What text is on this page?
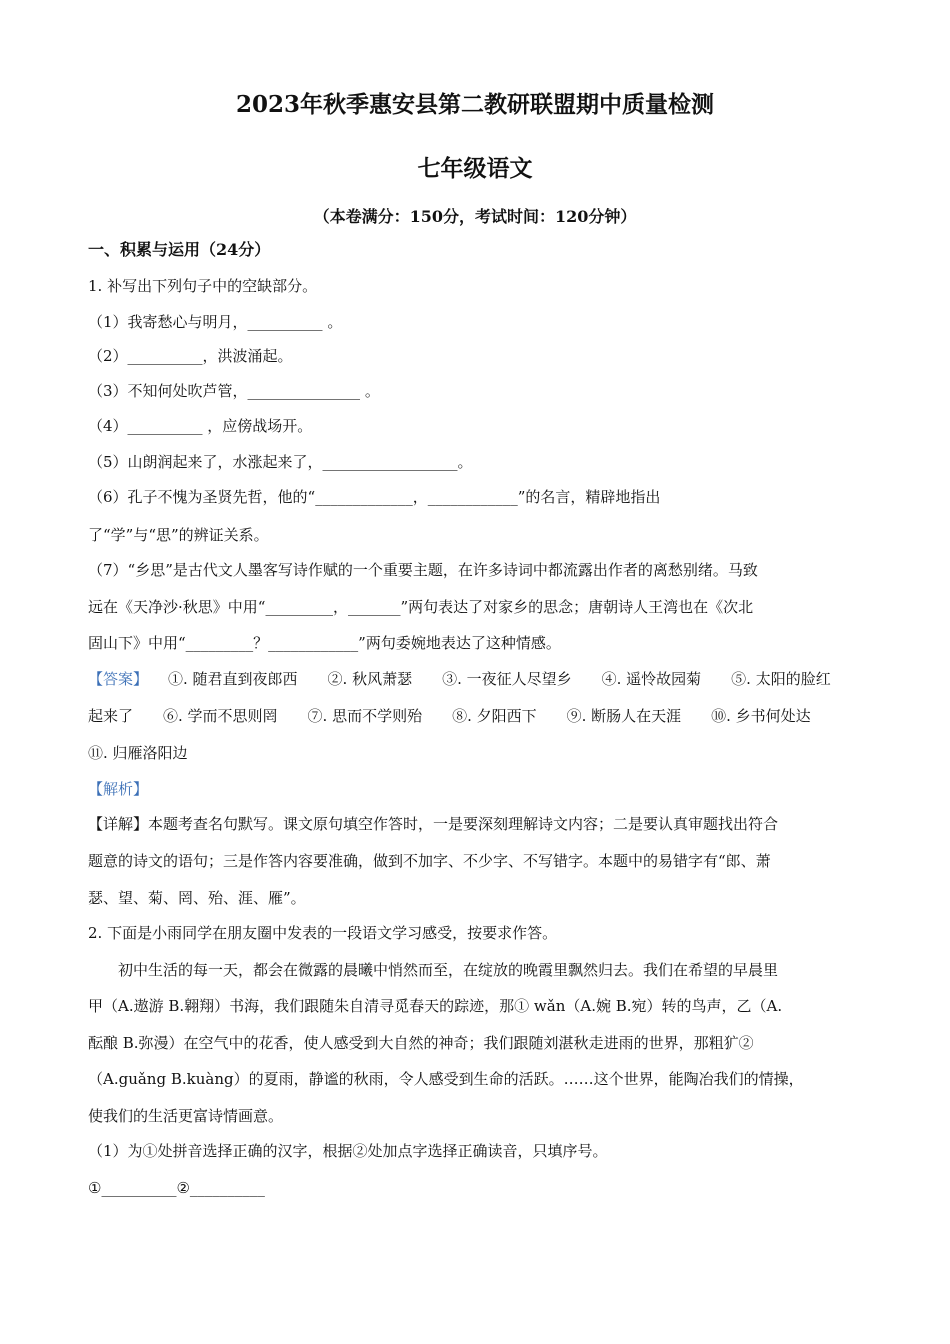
2023年秋季惠安县第二教研联盟期中质量检测
七年级语文
（本卷满分：150分，考试时间：120分钟）
一、积累与运用（24分）
1. 补写出下列句子中的空缺部分。
（1）我寄愁心与明月，__________ 。
（2）__________，洪波涌起。
（3）不知何处吹芦管，_______________ 。
（4）__________ ，应傍战场开。
（5）山朗润起来了，水涨起来了，__________________。
（6）孔子不愧为圣贤先哲，他的“_____________，____________”的名言，精辟地指出
了“学”与“思”的辨证关系。
（7）“乡思”是古代文人墨客写诗作赋的一个重要主题，在许多诗词中都流露出作者的离愁别绪。马致
远在《天净沙·秋思》中用“_________，_______”两句表达了对家乡的思念；唐朝诗人王湾也在《次北
固山下》中用“_________？____________”两句委婉地表达了这种情感。
【答案】 ①. 随君直到夜郎西　　②. 秋风萧瑟　　③. 一夜征人尽望乡　　④. 遥怜故园菊　　⑤. 太阳的脸红
起来了　　⑥. 学而不思则罔　　⑦. 思而不学则殆　　⑧. 夕阳西下　　⑨. 断肠人在天涯　　⑩. 乡书何处达
⑪. 归雁洛阳边
【解析】
【详解】本题考查名句默写。课文原句填空作答时，一是要深刻理解诗文内容；二是要认真审题找出符合
题意的诗文的语句；三是作答内容要准确，做到不加字、不少字、不写错字。本题中的易错字有“郎、萧
瑟、望、菊、罔、殆、涯、雁”。
2. 下面是小雨同学在朋友圈中发表的一段语文学习感受，按要求作答。
　　初中生活的每一天，都会在微露的晨曦中悄然而至，在绽放的晚霞里飘然归去。我们在希望的早晨里
甲（A.遨游 B.翱翔）书海，我们跟随朱自清寻觅春天的踪迹，那① wǎn（A.婉 B.宛）转的鸟声，乙（A.
酝酿 B.弥漫）在空气中的花香，使人感受到大自然的神奇；我们跟随刘湛秋走进雨的世界，那粗犷②
（A.guǎng B.kuàng）的夏雨，静谧的秋雨，令人感受到生命的活跃。……这个世界，能陶冶我们的情操，
使我们的生活更富诗情画意。
（1）为①处拼音选择正确的汉字，根据②处加点字选择正确读音，只填序号。
①__________②__________
